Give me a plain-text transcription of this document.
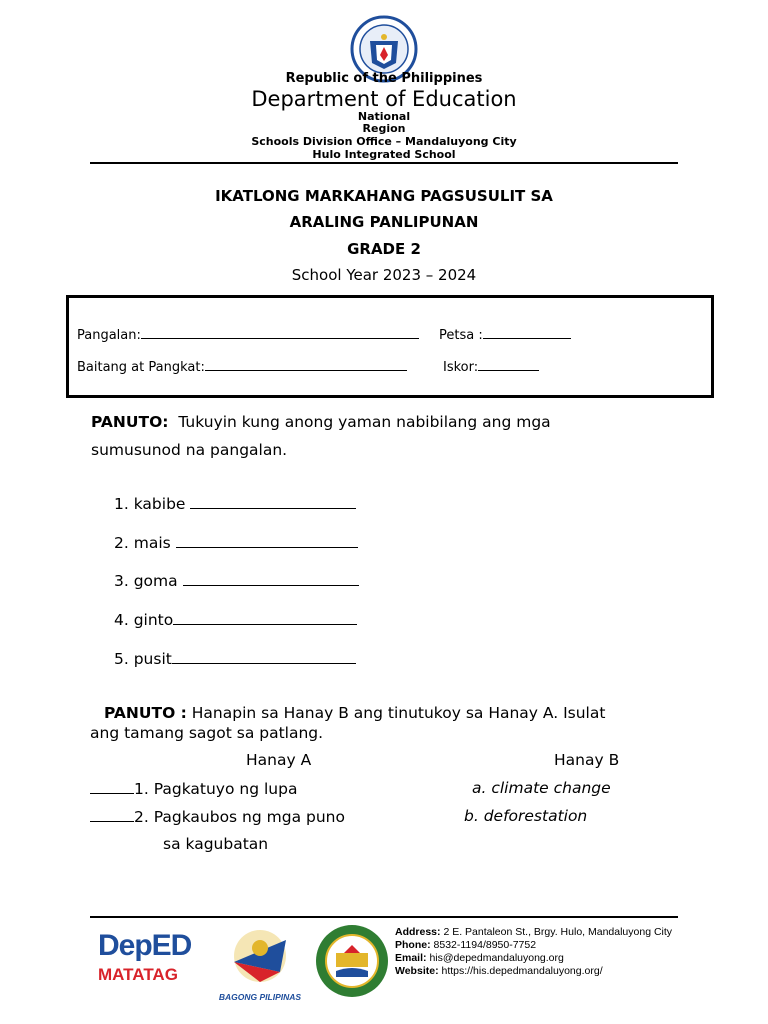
Republic of the Philippines
Department of Education
National
Region
Schools Division Office – Mandaluyong City
Hulo Integrated School
IKATLONG MARKAHANG PAGSUSULIT SA
ARALING PANLIPUNAN
GRADE 2
School Year 2023 – 2024
Pangalan:	Petsa :
Baitang at Pangkat:	Iskor:
PANUTO: Tukuyin kung anong yaman nabibilang ang mga
sumusunod na pangalan.
1. kabibe
2. mais
3. goma
4. ginto
5. pusit
PANUTO : Hanapin sa Hanay B ang tinutukoy sa Hanay A. Isulat
ang tamang sagot sa patlang.
Hanay A	Hanay B
1. Pagkatuyo ng lupa	a. climate change
2. Pagkaubos ng mga puno	b. deforestation
sa kagubatan
DepED
MATATAG
BAGONG PILIPINAS
Address: 2 E. Pantaleon St., Brgy. Hulo, Mandaluyong City
Phone: 8532-1194/8950-7752
Email: his@depedmandaluyong.org
Website: https://his.depedmandaluyong.org/
